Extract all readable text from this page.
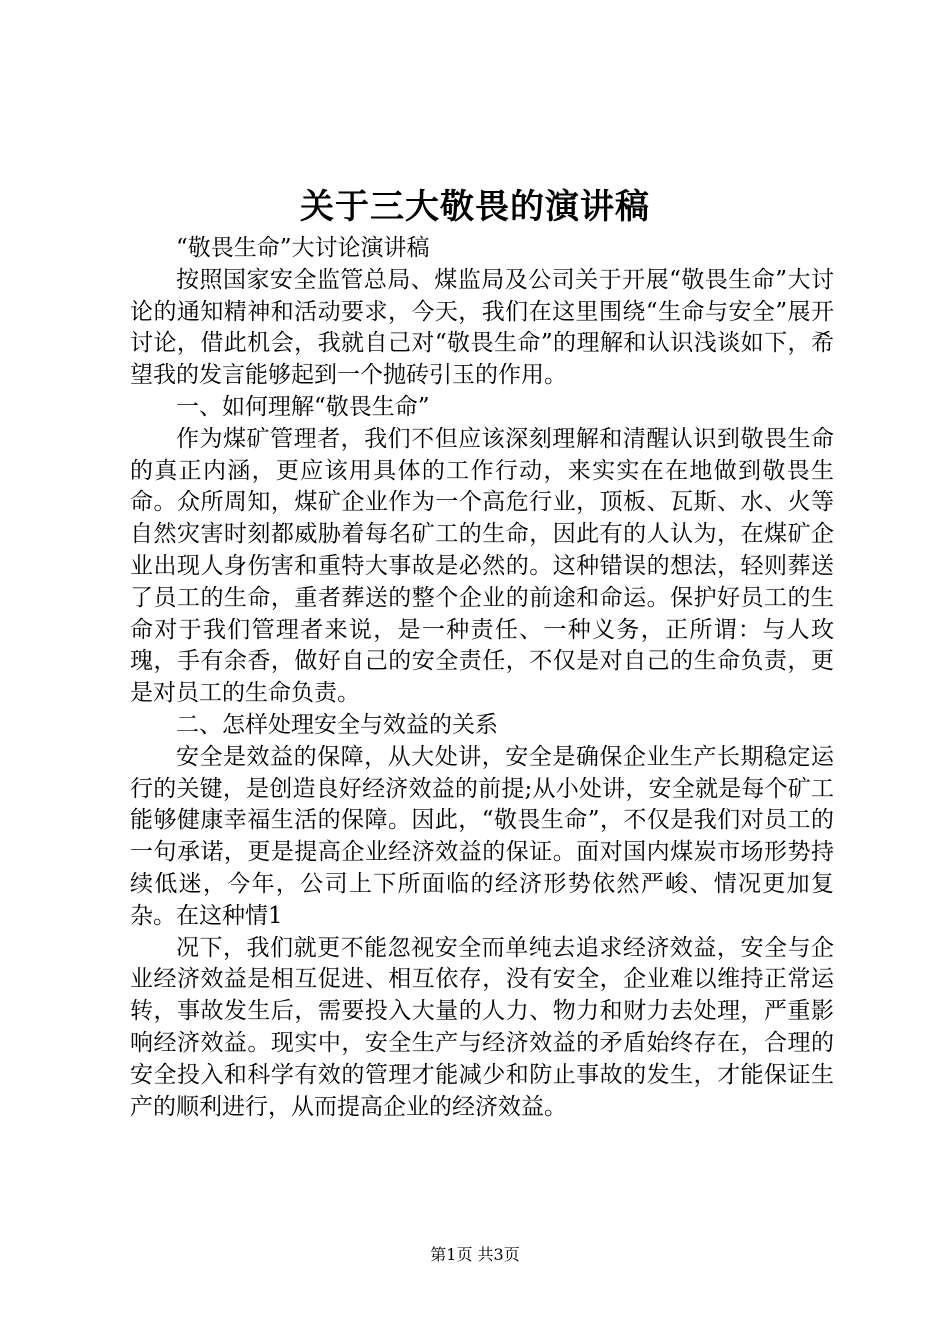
关于三大敬畏的演讲稿

“敬畏生命”大讨论演讲稿

按照国家安全监管总局、煤监局及公司关于开展“敬畏生命”大讨论的通知精神和活动要求，今天，我们在这里围绕“生命与安全”展开讨论，借此机会，我就自己对“敬畏生命”的理解和认识浅谈如下，希望我的发言能够起到一个抛砖引玉的作用。

一、如何理解“敬畏生命”

作为煤矿管理者，我们不但应该深刻理解和清醒认识到敬畏生命的真正内涵，更应该用具体的工作行动，来实实在在地做到敬畏生命。众所周知，煤矿企业作为一个高危行业，顶板、瓦斯、水、火等自然灾害时刻都威胁着每名矿工的生命，因此有的人认为，在煤矿企业出现人身伤害和重特大事故是必然的。这种错误的想法，轻则葬送了员工的生命，重者葬送的整个企业的前途和命运。保护好员工的生命对于我们管理者来说，是一种责任、一种义务，正所谓：与人玫瑰，手有余香，做好自己的安全责任，不仅是对自己的生命负责，更是对员工的生命负责。

二、怎样处理安全与效益的关系

安全是效益的保障，从大处讲，安全是确保企业生产长期稳定运行的关键，是创造良好经济效益的前提;从小处讲，安全就是每个矿工能够健康幸福生活的保障。因此，“敬畏生命”，不仅是我们对员工的一句承诺，更是提高企业经济效益的保证。面对国内煤炭市场形势持续低迷，今年，公司上下所面临的经济形势依然严峻、情况更加复杂。在这种情1

况下，我们就更不能忽视安全而单纯去追求经济效益，安全与企业经济效益是相互促进、相互依存，没有安全，企业难以维持正常运转，事故发生后，需要投入大量的人力、物力和财力去处理，严重影响经济效益。现实中，安全生产与经济效益的矛盾始终存在，合理的安全投入和科学有效的管理才能减少和防止事故的发生，才能保证生产的顺利进行，从而提高企业的经济效益。

第1页 共3页
